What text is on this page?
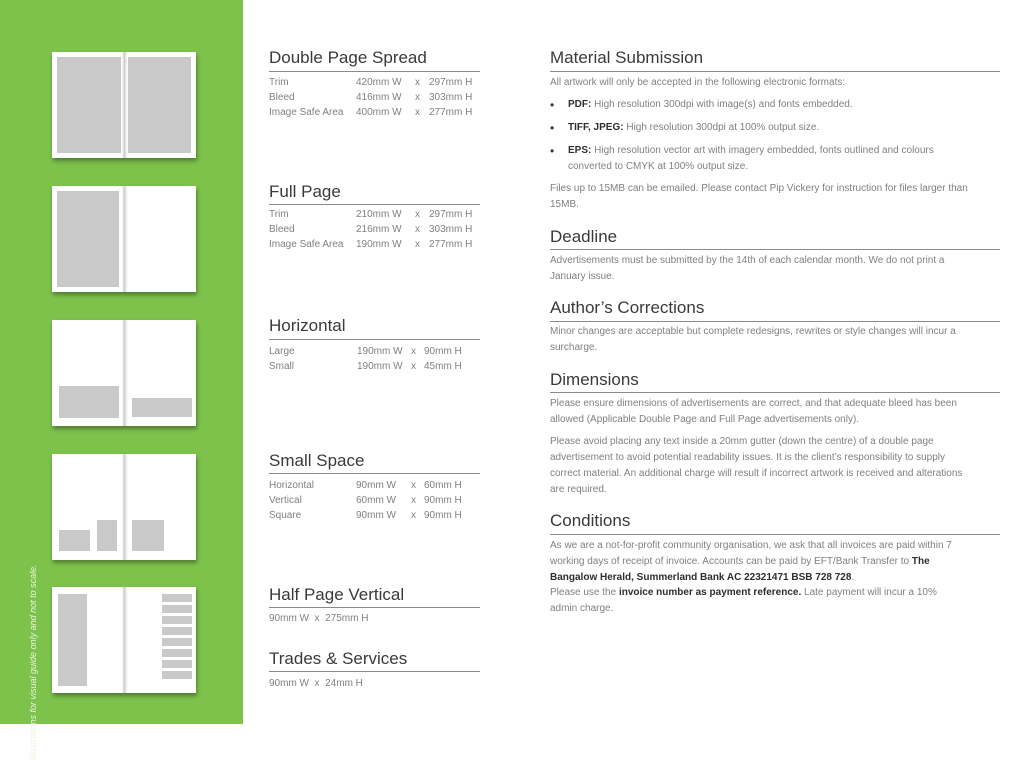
illustrations for visual guide only and not to scale.
Double Page Spread
Trim	420mm W x 297mm H
Bleed	416mm W x 303mm H
Image Safe Area 400mm W x 277mm H
Full Page
Trim	210mm W x 297mm H
Bleed	216mm W x 303mm H
Image Safe Area 190mm W x 277mm H
Horizontal
Large	190mm W x 90mm H
Small	190mm W x 45mm H
Small Space
Horizontal	90mm W x 60mm H
Vertical	60mm W x 90mm H
Square	90mm W x 90mm H
Half Page Vertical
90mm W  x  275mm H
Trades & Services
90mm W  x  24mm H
Material Submission

All artwork will only be accepted in the following electronic formats:

• PDF: High resolution 300dpi with image(s) and fonts embedded.
• TIFF, JPEG: High resolution 300dpi at 100% output size.
• EPS: High resolution vector art with imagery embedded, fonts outlined and colours converted to CMYK at 100% output size.

Files up to 15MB can be emailed. Please contact Pip Vickery for instruction for files larger than 15MB.

Deadline

Advertisements must be submitted by the 14th of each calendar month. We do not print a January issue.

Author’s Corrections

Minor changes are acceptable but complete redesigns, rewrites or style changes will incur a surcharge.

Dimensions

Please ensure dimensions of advertisements are correct, and that adequate bleed has been allowed (Applicable Double Page and Full Page advertisements only).

Please avoid placing any text inside a 20mm gutter (down the centre) of a double page advertisement to avoid potential readability issues. It is the client’s responsibility to supply correct material. An additional charge will result if incorrect artwork is received and alterations are required.

Conditions

As we are a not-for-profit community organisation, we ask that all invoices are paid within 7 working days of receipt of invoice. Accounts can be paid by EFT/Bank Transfer to The Bangalow Herald, Summerland Bank AC 22321471 BSB 728 728.

Please use the invoice number as payment reference. Late payment will incur a 10% admin charge.
